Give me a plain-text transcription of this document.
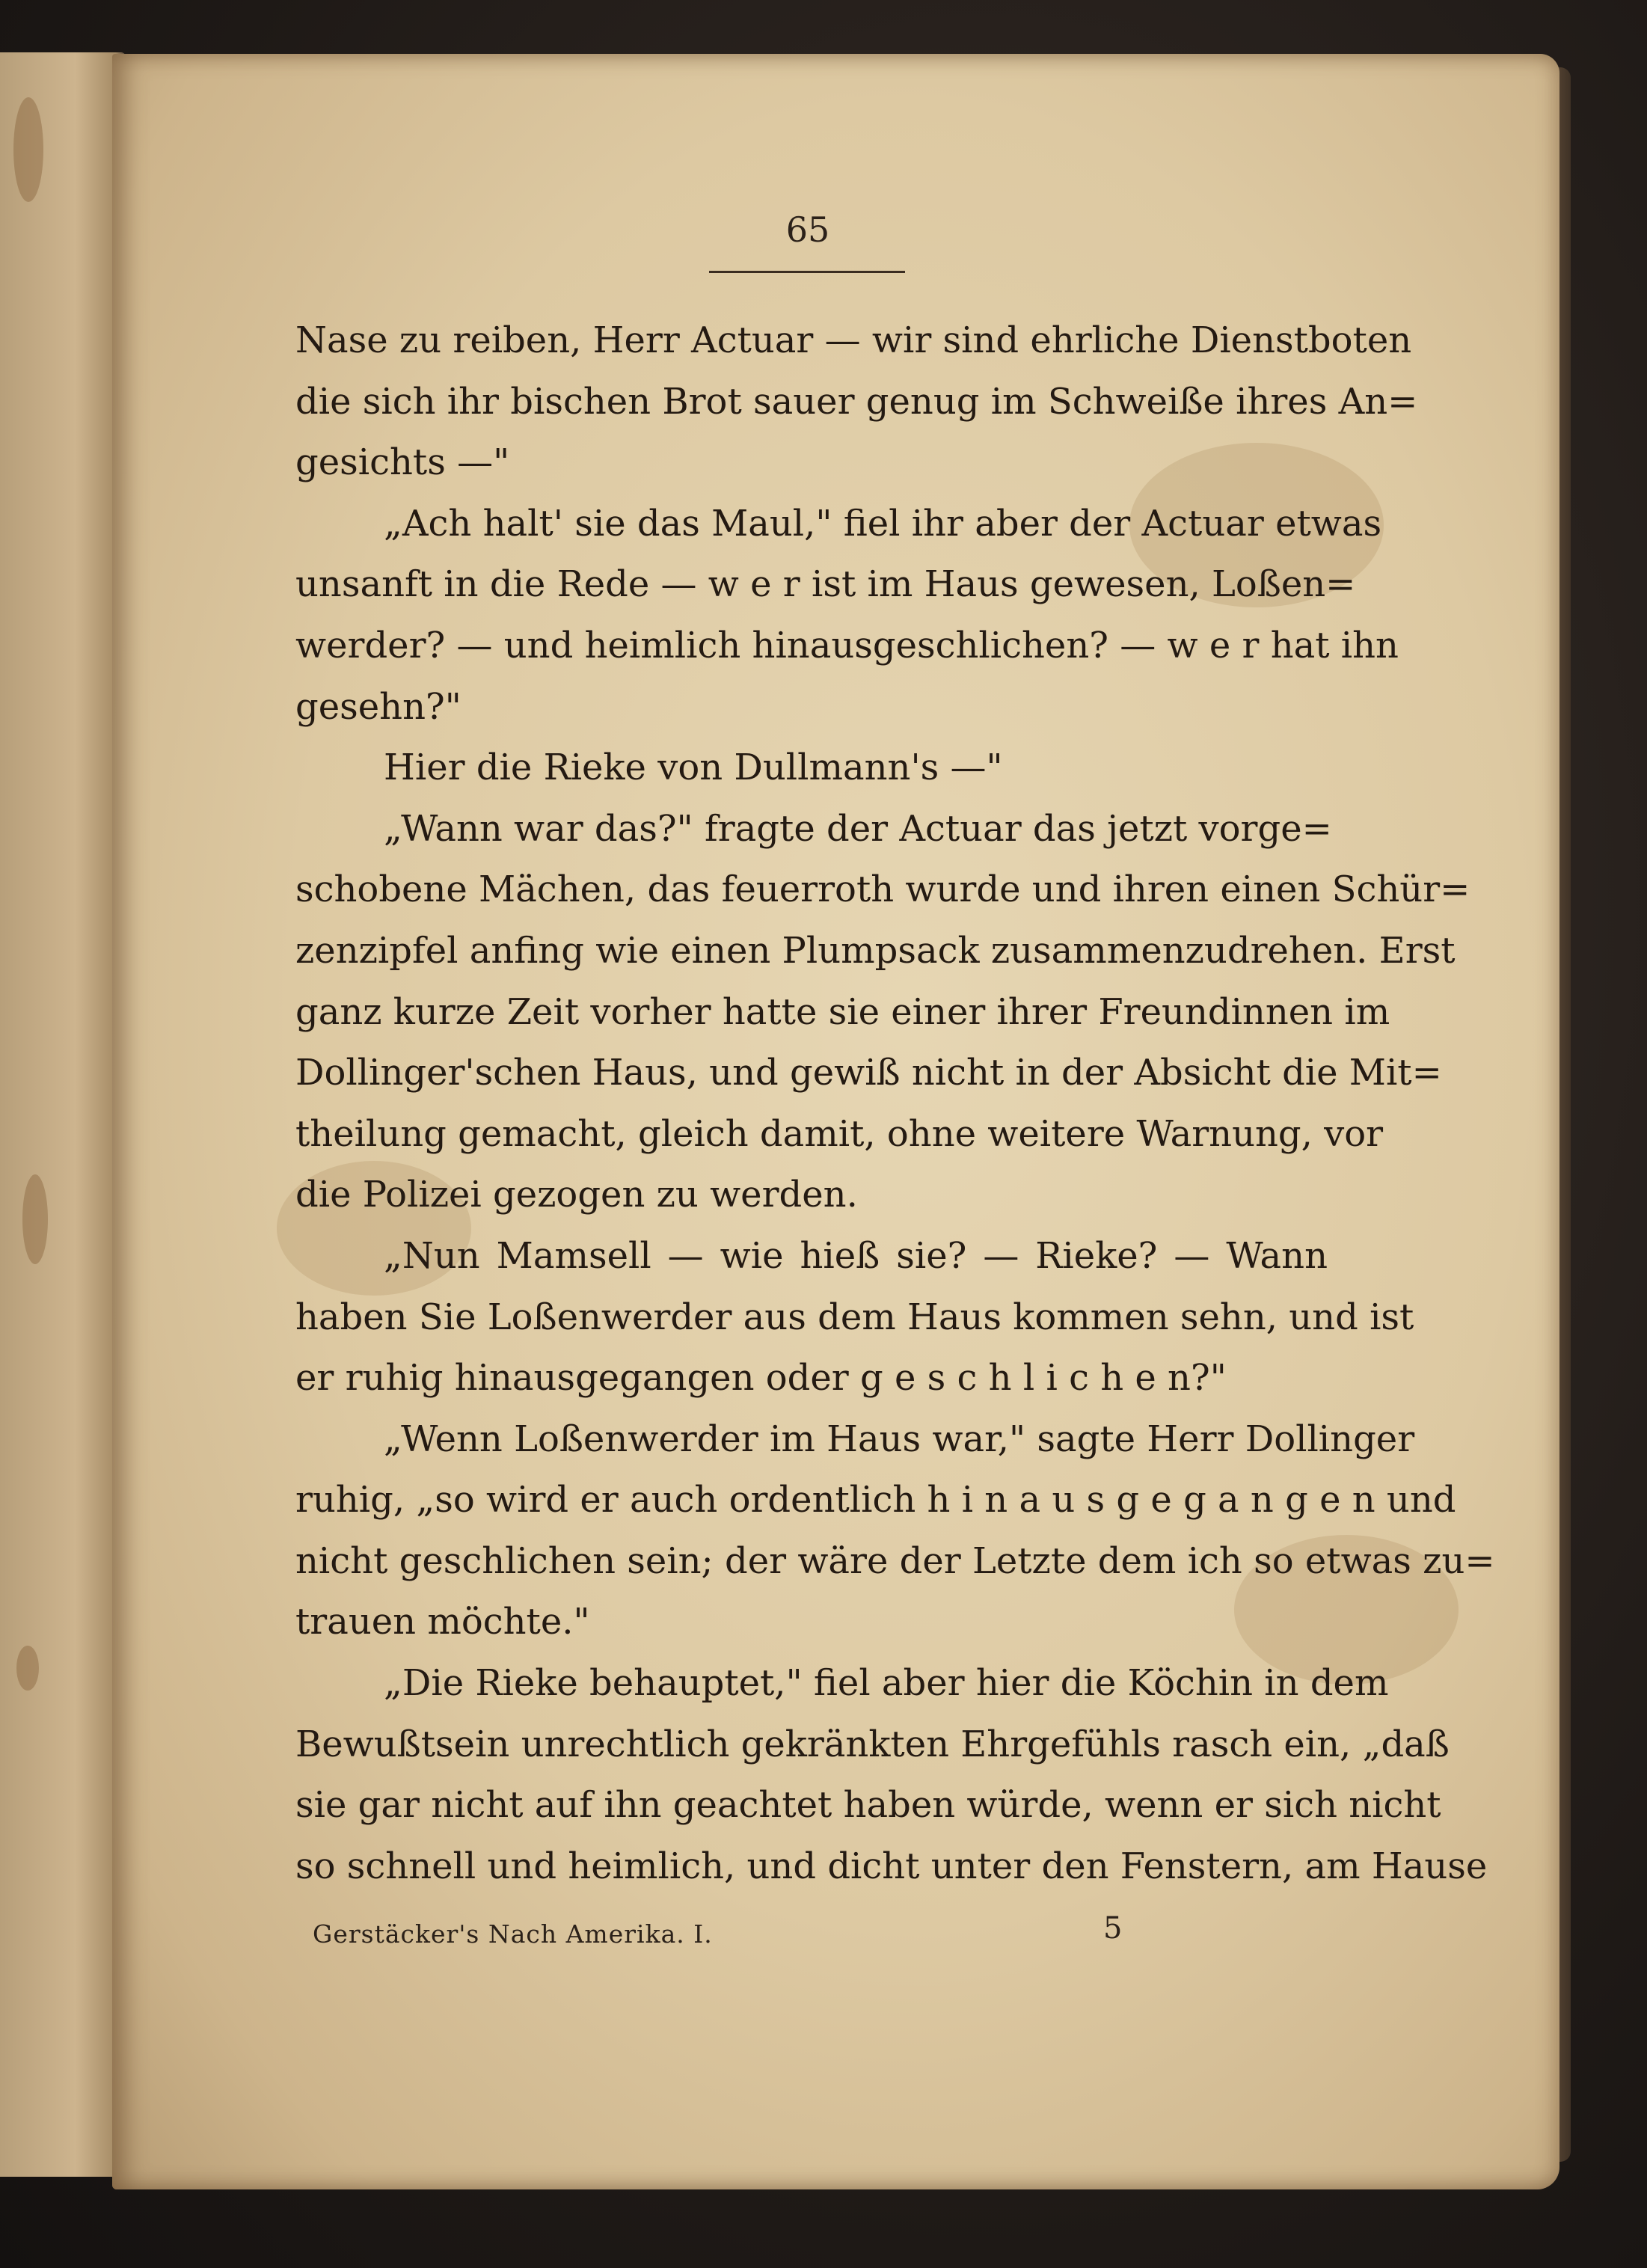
65
Nase zu reiben, Herr Actuar — wir sind ehrliche Dienstboten
die sich ihr bischen Brot sauer genug im Schweiße ihres An=
gesichts —"
„Ach halt' sie das Maul," fiel ihr aber der Actuar etwas
unsanft in die Rede — w e r ist im Haus gewesen, Loßen=
werder? — und heimlich hinausgeschlichen? — w e r hat ihn
gesehn?"
Hier die Rieke von Dullmann's —"
„Wann war das?" fragte der Actuar das jetzt vorge=
schobene Mächen, das feuerroth wurde und ihren einen Schür=
zenzipfel anfing wie einen Plumpsack zusammenzudrehen. Erst
ganz kurze Zeit vorher hatte sie einer ihrer Freundinnen im
Dollinger'schen Haus, und gewiß nicht in der Absicht die Mit=
theilung gemacht, gleich damit, ohne weitere Warnung, vor
die Polizei gezogen zu werden.
„Nun Mamsell — wie hieß sie? — Rieke? — Wann
haben Sie Loßenwerder aus dem Haus kommen sehn, und ist
er ruhig hinausgegangen oder g e s c h l i c h e n?"
„Wenn Loßenwerder im Haus war," sagte Herr Dollinger
ruhig, „so wird er auch ordentlich h i n a u s g e g a n g e n und
nicht geschlichen sein; der wäre der Letzte dem ich so etwas zu=
trauen möchte."
„Die Rieke behauptet," fiel aber hier die Köchin in dem
Bewußtsein unrechtlich gekränkten Ehrgefühls rasch ein, „daß
sie gar nicht auf ihn geachtet haben würde, wenn er sich nicht
so schnell und heimlich, und dicht unter den Fenstern, am Hause
Gerstäcker's Nach Amerika. I.	5
